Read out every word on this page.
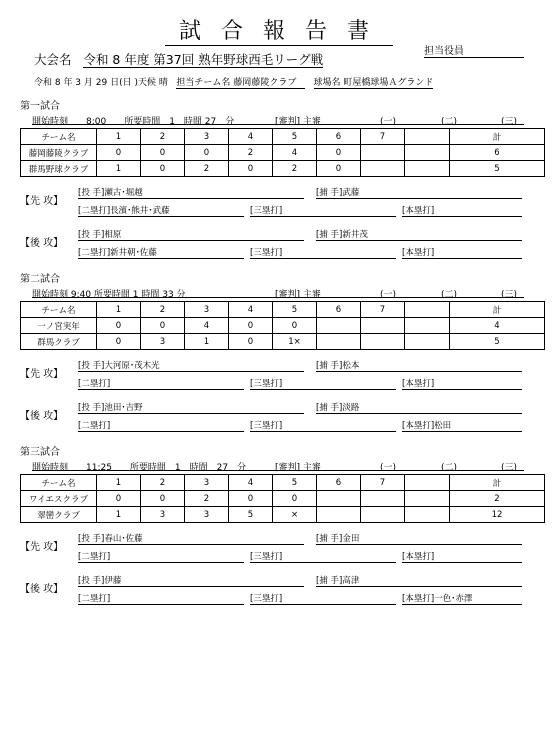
試合報告書
担当役員
大会名 令和 8 年度 第37回 熟年野球西毛リーグ戦
令和 8 年 3 月 29 日(日 )天候 晴 担当チーム名 藤岡藤陵クラブ 球場名 町屋橋球場Ａグランド
第一試合
開始時刻　　8:00　　所要時間　1　時間 27　分	[審判] 主審	(一)	(二)	(三)
チーム名	1	2	3	4	5	6	7		計
藤岡藤陵クラブ	0	0	0	2	4	0			6
群馬野球クラブ	1	0	2	0	2	0			5
【先 攻】
[投 手]瀬古･堀越	[捕 手]武藤
[二塁打]長濱･熊井･武藤	[三塁打]	[本塁打]
【後 攻】
[投 手]相原	[捕 手]新井茂
[二塁打]新井朝･佐藤	[三塁打]	[本塁打]
第二試合
開始時刻 9:40 所要時間 1 時間 33 分	[審判] 主審	(一)	(二)	(三)
チーム名	1	2	3	4	5	6	7		計
一ノ宮実年	0	0	4	0	0				4
群馬クラブ	0	3	1	0	1×				5
【先 攻】
[投 手]大河原･茂木光	[捕 手]松本
[二塁打]	[三塁打]	[本塁打]
【後 攻】
[投 手]池田･吉野	[捕 手]淡路
[二塁打]	[三塁打]	[本塁打]松田
第三試合
開始時刻　　11:25　　所要時間　1　時間　27　分	[審判] 主審	(一)	(二)	(三)
チーム名	1	2	3	4	5	6	7		計
ワイエスクラブ	0	0	2	0	0				2
翠巒クラブ	1	3	3	5	×				12
【先 攻】
[投 手]春山･佐藤	[捕 手]金田
[二塁打]	[三塁打]	[本塁打]
【後 攻】
[投 手]伊藤	[捕 手]高津
[二塁打]	[三塁打]	[本塁打]一色･赤澤
